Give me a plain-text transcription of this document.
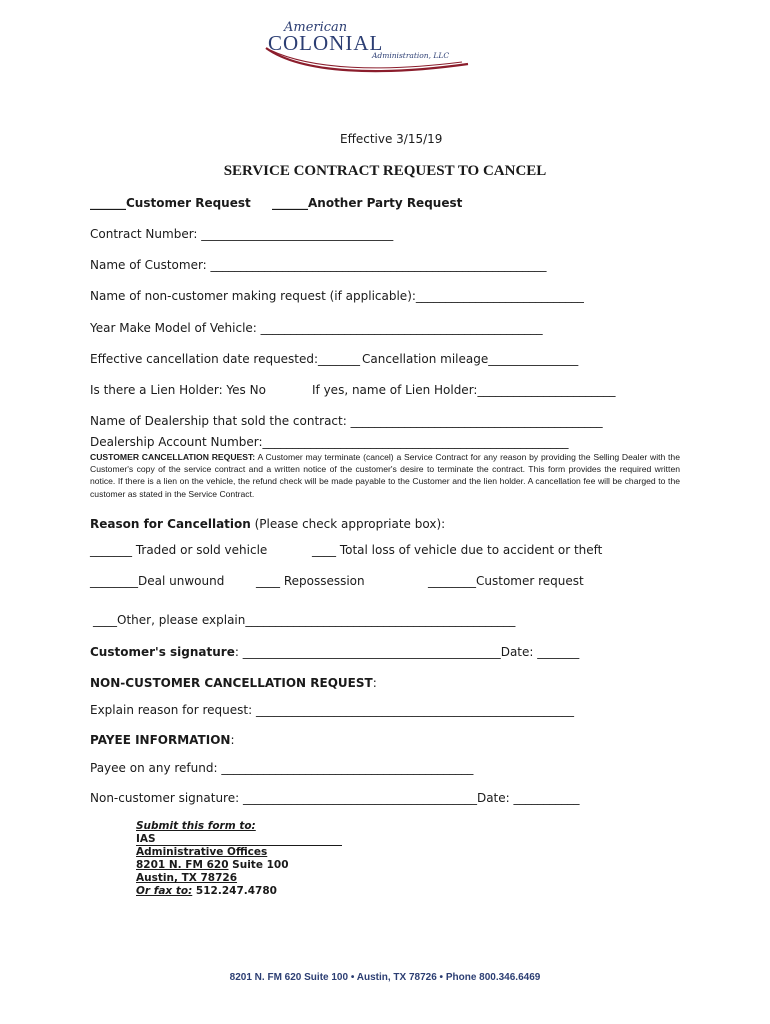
American
COLONIAL
Administration, LLC
Effective 3/15/19
SERVICE CONTRACT REQUEST TO CANCEL
______Customer Request ______Another Party Request
Contract Number: ________________________________
Name of Customer: ________________________________________________________
Name of non-customer making request (if applicable):____________________________
Year Make Model of Vehicle: _______________________________________________
Effective cancellation date requested:_______ Cancellation mileage_______________
Is there a Lien Holder: Yes No	If yes, name of Lien Holder:_______________________
Name of Dealership that sold the contract: __________________________________________
Dealership Account Number:___________________________________________________
CUSTOMER CANCELLATION REQUEST: A Customer may terminate (cancel) a Service Contract for any reason by providing the Selling Dealer with the Customer's copy of the service contract and a written notice of the customer's desire to terminate the contract. This form provides the required written notice. If there is a lien on the vehicle, the refund check will be made payable to the Customer and the lien holder. A cancellation fee will be charged to the customer as stated in the Service Contract.
Reason for Cancellation (Please check appropriate box):
_______ Traded or sold vehicle	____ Total loss of vehicle due to accident or theft
________Deal unwound	____ Repossession	________Customer request
____Other, please explain_____________________________________________
Customer's signature: ___________________________________________Date: _______
NON-CUSTOMER CANCELLATION REQUEST:
Explain reason for request: _____________________________________________________
PAYEE INFORMATION:
Payee on any refund: __________________________________________
Non-customer signature: _______________________________________Date: ___________
Submit this form to:
IAS
Administrative Offices
8201 N. FM 620 Suite 100
Austin, TX 78726
Or fax to: 512.247.4780
8201 N. FM 620 Suite 100 • Austin, TX 78726 • Phone 800.346.6469
